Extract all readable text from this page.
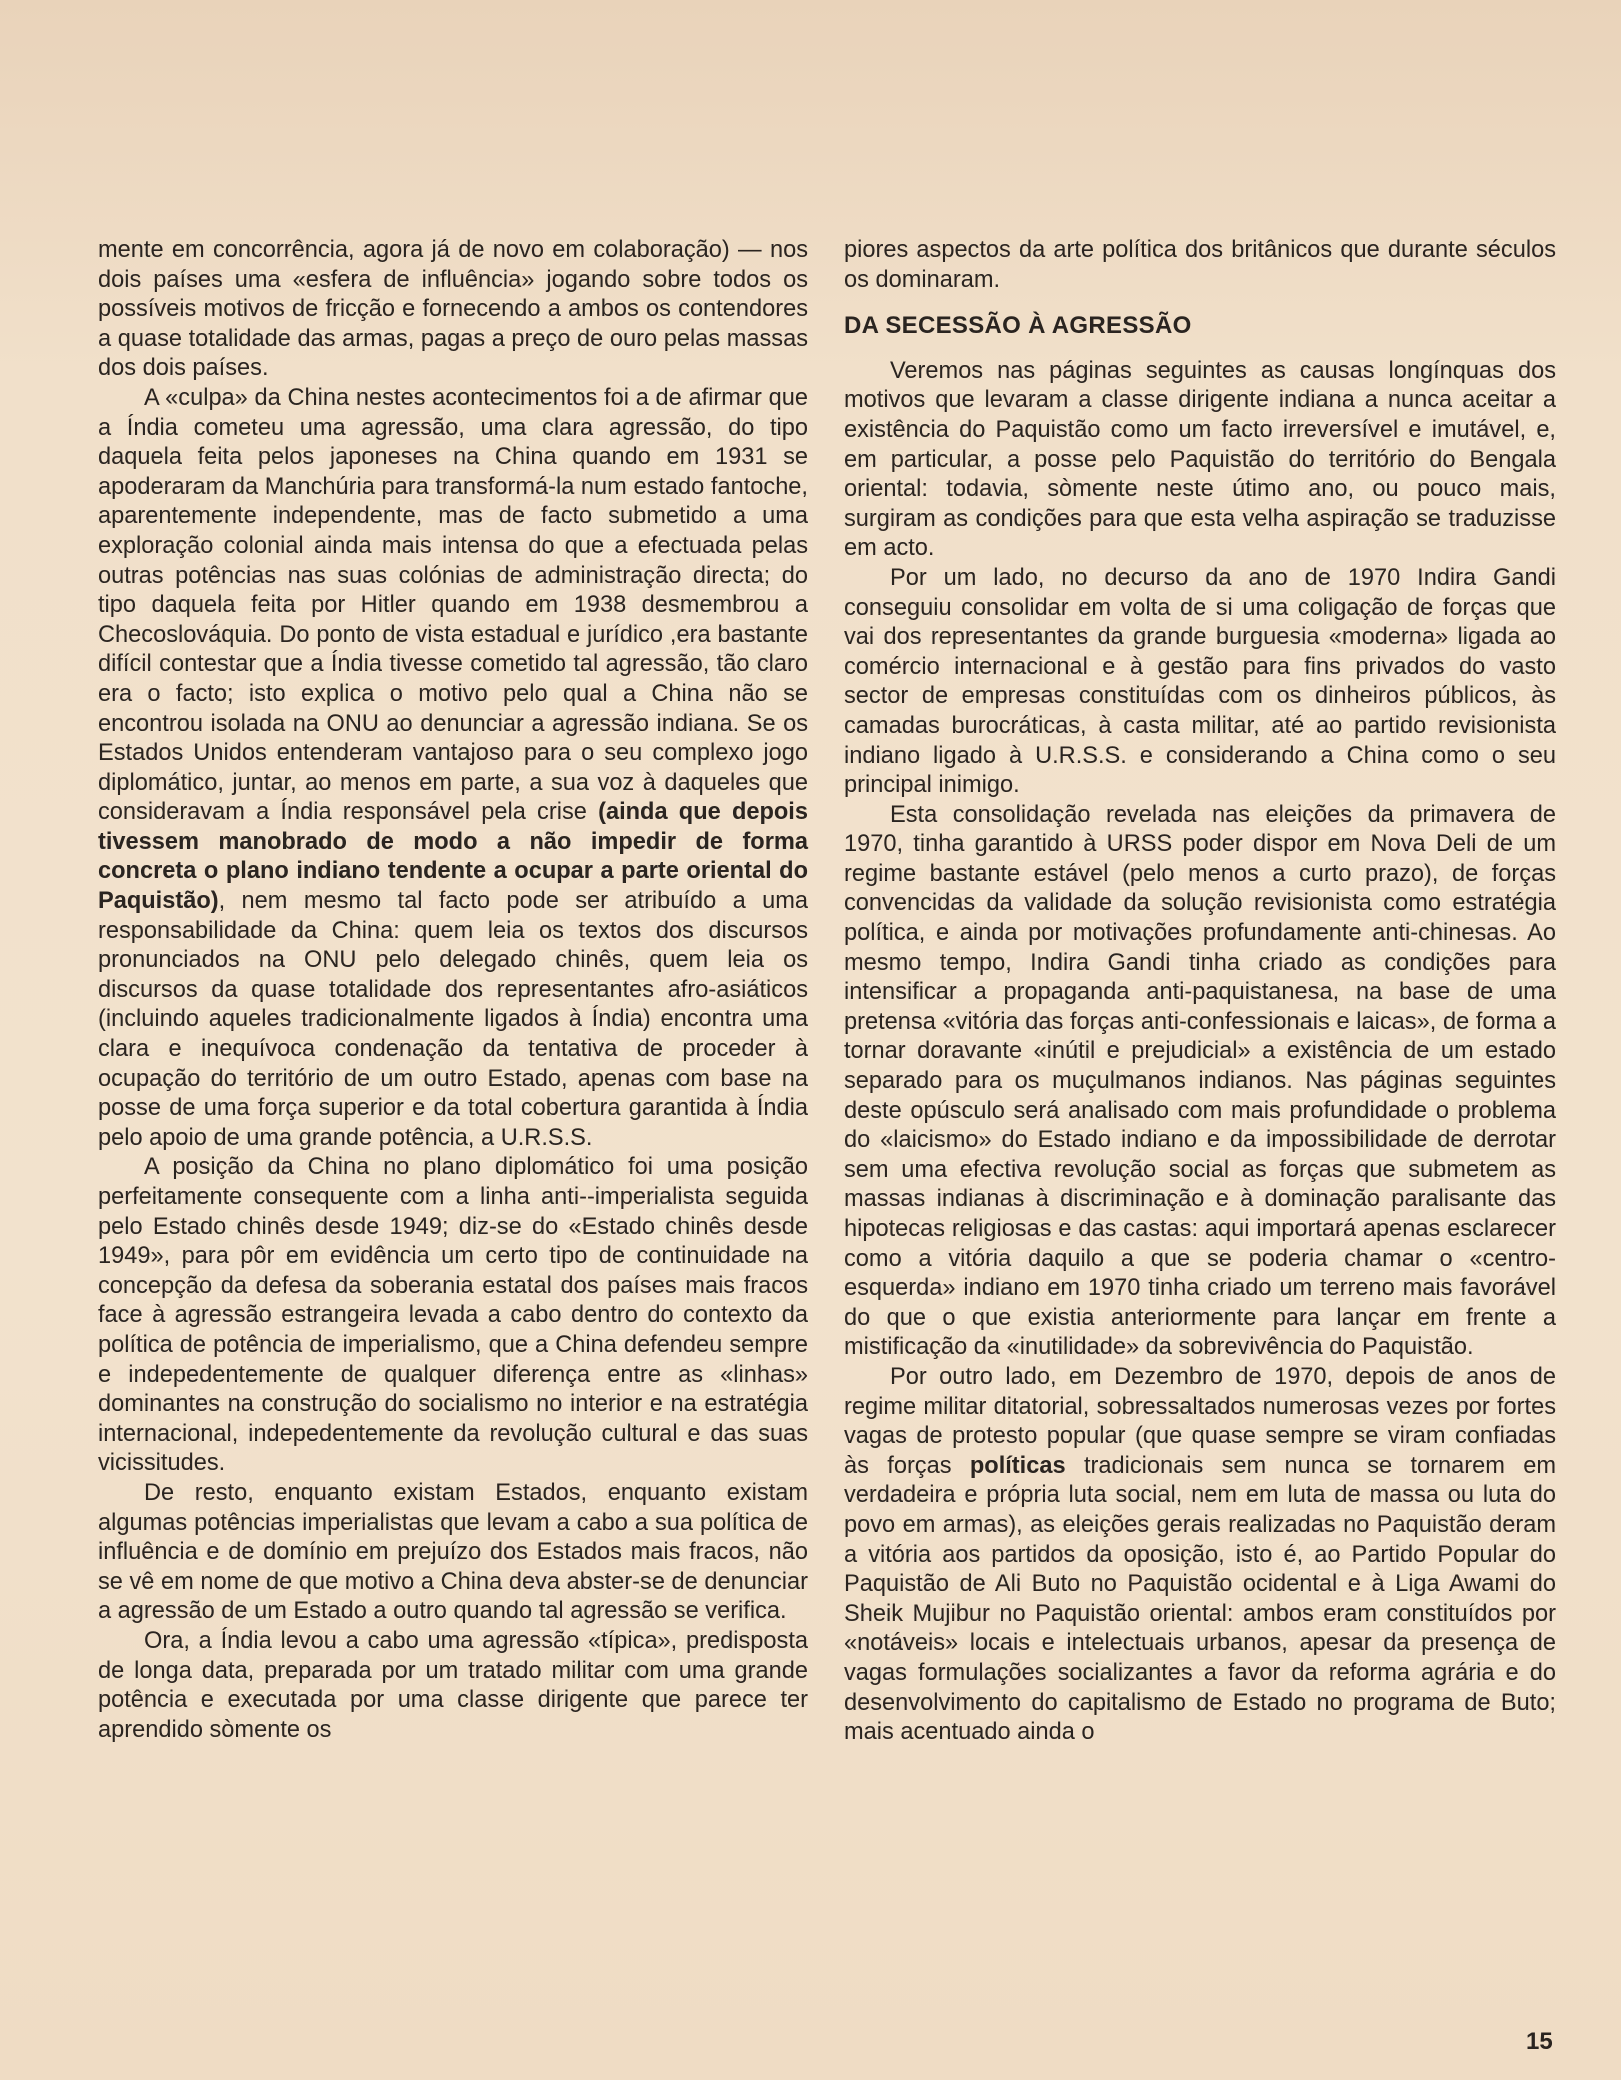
mente em concorrência, agora já de novo em colaboração) — nos dois países uma «esfera de influência» jogando sobre todos os possíveis motivos de fricção e fornecendo a ambos os contendores a quase totalidade das armas, pagas a preço de ouro pelas massas dos dois países.

A «culpa» da China nestes acontecimentos foi a de afirmar que a Índia cometeu uma agressão, uma clara agressão, do tipo daquela feita pelos japoneses na China quando em 1931 se apoderaram da Manchúria para transformá-la num estado fantoche, aparentemente independente, mas de facto submetido a uma exploração colonial ainda mais intensa do que a efectuada pelas outras potências nas suas colónias de administração directa; do tipo daquela feita por Hitler quando em 1938 desmembrou a Checoslováquia. Do ponto de vista estadual e jurídico ,era bastante difícil contestar que a Índia tivesse cometido tal agressão, tão claro era o facto; isto explica o motivo pelo qual a China não se encontrou isolada na ONU ao denunciar a agressão indiana. Se os Estados Unidos entenderam vantajoso para o seu complexo jogo diplomático, juntar, ao menos em parte, a sua voz à daqueles que consideravam a Índia responsável pela crise (ainda que depois tivessem manobrado de modo a não impedir de forma concreta o plano indiano tendente a ocupar a parte oriental do Paquistão), nem mesmo tal facto pode ser atribuído a uma responsabilidade da China: quem leia os textos dos discursos pronunciados na ONU pelo delegado chinês, quem leia os discursos da quase totalidade dos representantes afro-asiáticos (incluindo aqueles tradicionalmente ligados à Índia) encontra uma clara e inequívoca condenação da tentativa de proceder à ocupação do território de um outro Estado, apenas com base na posse de uma força superior e da total cobertura garantida à Índia pelo apoio de uma grande potência, a U.R.S.S.

A posição da China no plano diplomático foi uma posição perfeitamente consequente com a linha anti--imperialista seguida pelo Estado chinês desde 1949; diz-se do «Estado chinês desde 1949», para pôr em evidência um certo tipo de continuidade na concepção da defesa da soberania estatal dos países mais fracos face à agressão estrangeira levada a cabo dentro do contexto da política de potência de imperialismo, que a China defendeu sempre e indepedentemente de qualquer diferença entre as «linhas» dominantes na construção do socialismo no interior e na estratégia internacional, indepedentemente da revolução cultural e das suas vicissitudes.

De resto, enquanto existam Estados, enquanto existam algumas potências imperialistas que levam a cabo a sua política de influência e de domínio em prejuízo dos Estados mais fracos, não se vê em nome de que motivo a China deva abster-se de denunciar a agressão de um Estado a outro quando tal agressão se verifica.

Ora, a Índia levou a cabo uma agressão «típica», predisposta de longa data, preparada por um tratado militar com uma grande potência e executada por uma classe dirigente que parece ter aprendido sòmente os

piores aspectos da arte política dos britânicos que durante séculos os dominaram.

DA SECESSÃO À AGRESSÃO

Veremos nas páginas seguintes as causas longínquas dos motivos que levaram a classe dirigente indiana a nunca aceitar a existência do Paquistão como um facto irreversível e imutável, e, em particular, a posse pelo Paquistão do território do Bengala oriental: todavia, sòmente neste útimo ano, ou pouco mais, surgiram as condições para que esta velha aspiração se traduzisse em acto.

Por um lado, no decurso da ano de 1970 Indira Gandi conseguiu consolidar em volta de si uma coligação de forças que vai dos representantes da grande burguesia «moderna» ligada ao comércio internacional e à gestão para fins privados do vasto sector de empresas constituídas com os dinheiros públicos, às camadas burocráticas, à casta militar, até ao partido revisionista indiano ligado à U.R.S.S. e considerando a China como o seu principal inimigo.

Esta consolidação revelada nas eleições da primavera de 1970, tinha garantido à URSS poder dispor em Nova Deli de um regime bastante estável (pelo menos a curto prazo), de forças convencidas da validade da solução revisionista como estratégia política, e ainda por motivações profundamente anti-chinesas. Ao mesmo tempo, Indira Gandi tinha criado as condições para intensificar a propaganda anti-paquistanesa, na base de uma pretensa «vitória das forças anti-confessionais e laicas», de forma a tornar doravante «inútil e prejudicial» a existência de um estado separado para os muçulmanos indianos. Nas páginas seguintes deste opúsculo será analisado com mais profundidade o problema do «laicismo» do Estado indiano e da impossibilidade de derrotar sem uma efectiva revolução social as forças que submetem as massas indianas à discriminação e à dominação paralisante das hipotecas religiosas e das castas: aqui importará apenas esclarecer como a vitória daquilo a que se poderia chamar o «centro-esquerda» indiano em 1970 tinha criado um terreno mais favorável do que o que existia anteriormente para lançar em frente a mistificação da «inutilidade» da sobrevivência do Paquistão.

Por outro lado, em Dezembro de 1970, depois de anos de regime militar ditatorial, sobressaltados numerosas vezes por fortes vagas de protesto popular (que quase sempre se viram confiadas às forças políticas tradicionais sem nunca se tornarem em verdadeira e própria luta social, nem em luta de massa ou luta do povo em armas), as eleições gerais realizadas no Paquistão deram a vitória aos partidos da oposição, isto é, ao Partido Popular do Paquistão de Ali Buto no Paquistão ocidental e à Liga Awami do Sheik Mujibur no Paquistão oriental: ambos eram constituídos por «notáveis» locais e intelectuais urbanos, apesar da presença de vagas formulações socializantes a favor da reforma agrária e do desenvolvimento do capitalismo de Estado no programa de Buto; mais acentuado ainda o

15
